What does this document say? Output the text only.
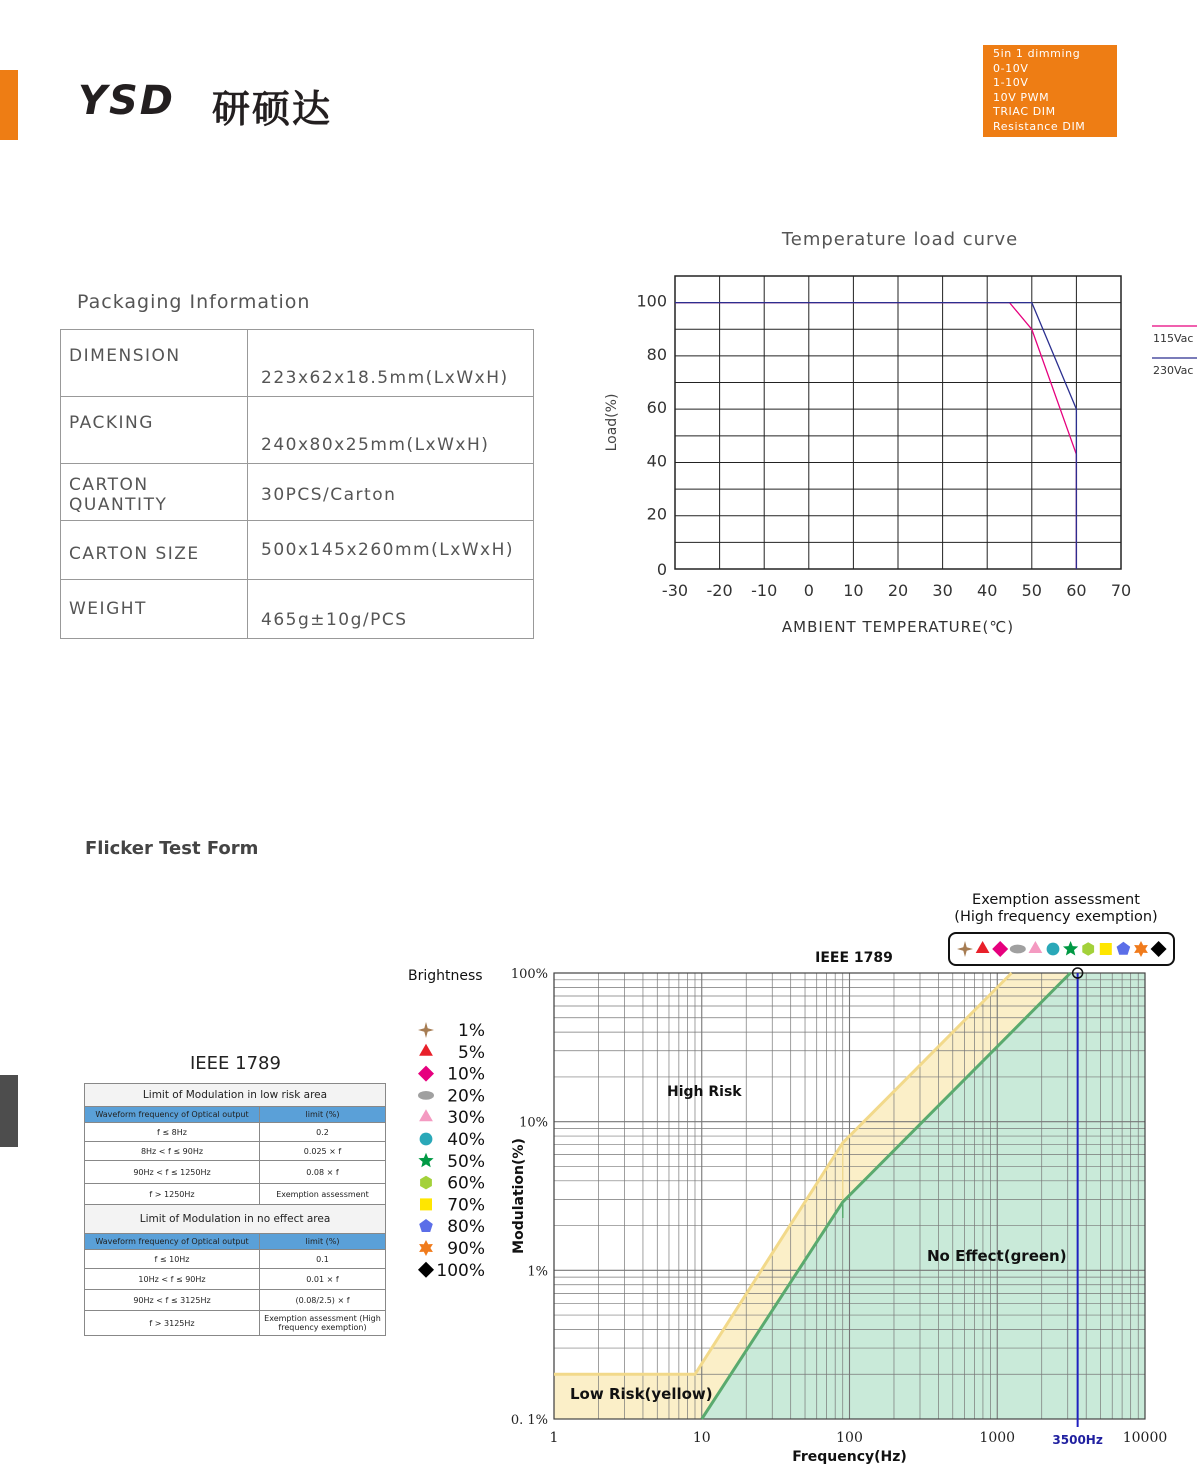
YSD 研硕达
5in 1 dimming
0-10V
1-10V
10V PWM
TRIAC DIM
Resistance DIM
Packaging Information
DIMENSION	223x62x18.5mm(LxWxH)
PACKING	240x80x25mm(LxWxH)
CARTON QUANTITY	30PCS/Carton
CARTON SIZE	500x145x260mm(LxWxH)
WEIGHT	465g±10g/PCS
Temperature load curve
-30 -20 -10 0 10 20 30 40 50 60 70
0
20
40
60
80
100
AMBIENT TEMPERATURE(℃)
Load(%)
115Vac
230Vac
Flicker Test Form
IEEE 1789
Limit of Modulation in low risk area	
Waveform frequency of Optical output	limit (%)
f ≤ 8Hz	0.2
8Hz < f ≤ 90Hz	0.025 × f
90Hz < f ≤ 1250Hz	0.08 × f
f > 1250Hz	Exemption assessment
Limit of Modulation in no effect area	
Waveform frequency of Optical output	limit (%)
f ≤ 10Hz	0.1
10Hz < f ≤ 90Hz	0.01 × f
90Hz < f ≤ 3125Hz	(0.08/2.5) × f
f > 3125Hz	Exemption assessment (High frequency exemption)
Brightness
1%
5%
10%
20%
30%
40%
50%
60%
70%
80%
90%
100%
Exemption assessment
(High frequency exemption)
1	10	100	1000	10000
3500Hz
0. 1%
1%
10%
100%
Frequency(Hz)
Modulation(%)
IEEE 1789
High Risk
No Effect(green)
Low Risk(yellow)
